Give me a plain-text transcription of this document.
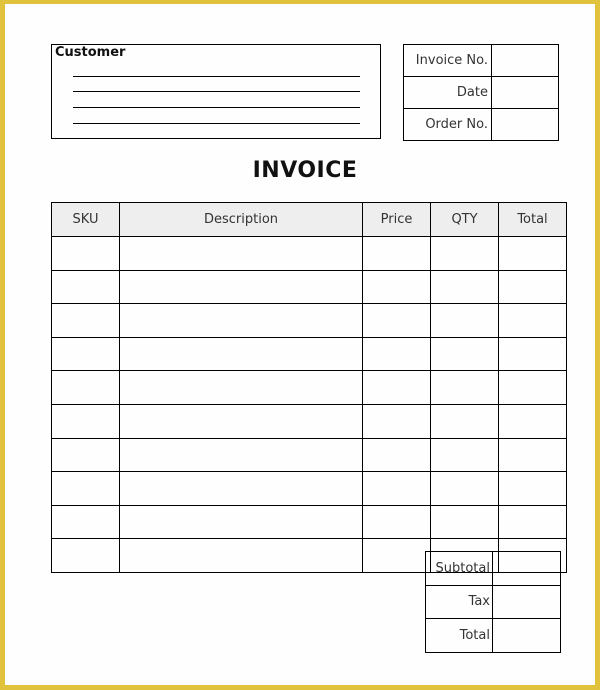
Customer
Invoice No.	
Date	
Order No.	
INVOICE
SKU	Description	Price	QTY	Total

Subtotal	
Tax	
Total	
